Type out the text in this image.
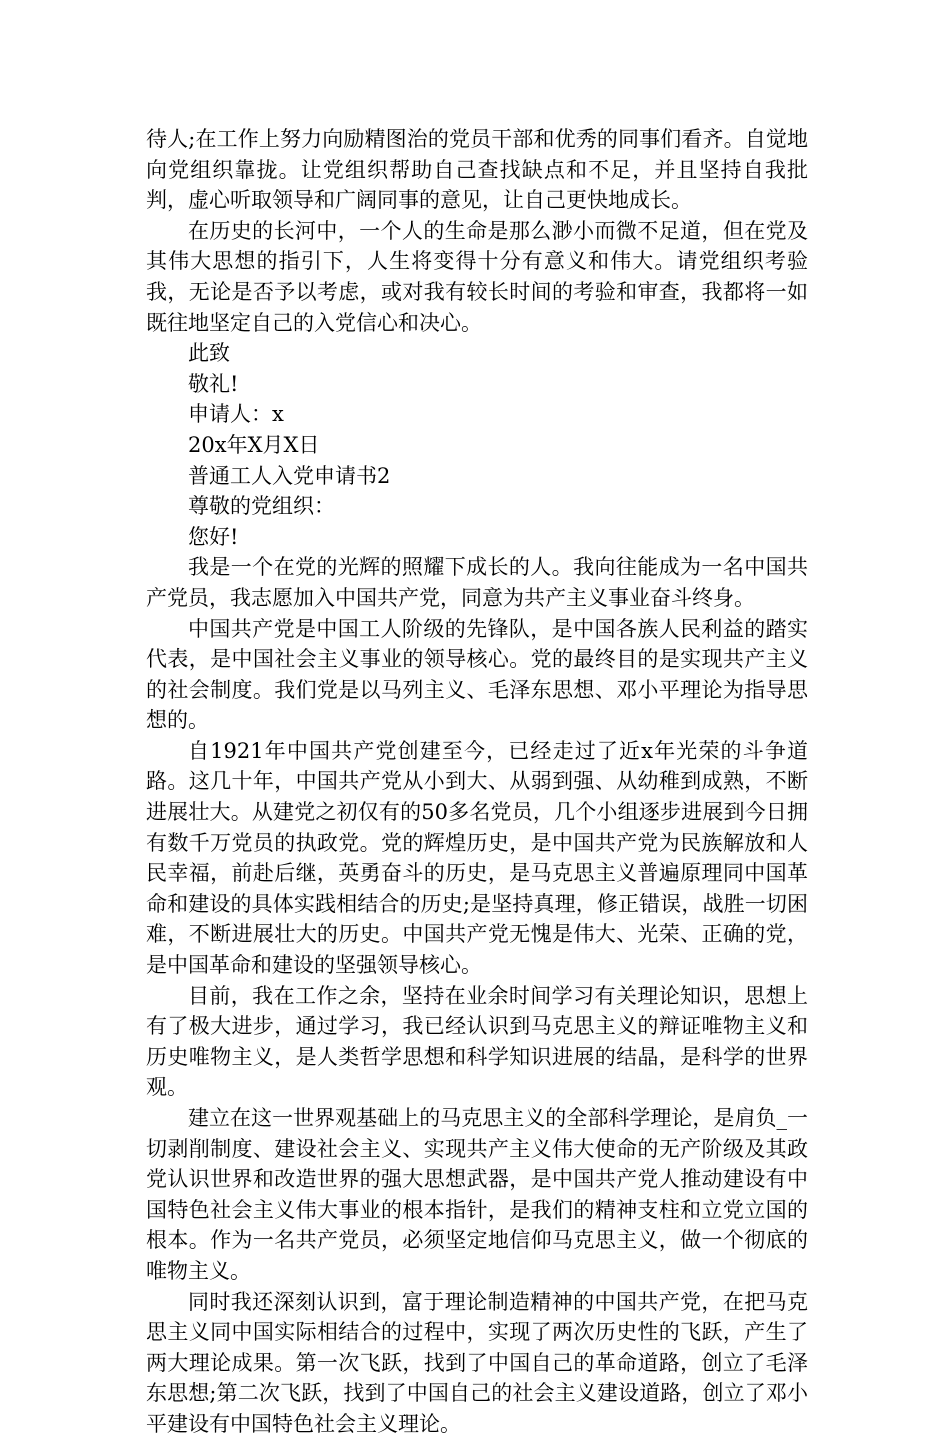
待人;在工作上努力向励精图治的党员干部和优秀的同事们看齐。自觉地向党组织靠拢。让党组织帮助自己查找缺点和不足，并且坚持自我批判，虚心听取领导和广阔同事的意见，让自己更快地成长。

在历史的长河中，一个人的生命是那么渺小而微不足道，但在党及其伟大思想的指引下，人生将变得十分有意义和伟大。请党组织考验我，无论是否予以考虑，或对我有较长时间的考验和审查，我都将一如既往地坚定自己的入党信心和决心。

此致

敬礼!

申请人：x

20x年X月X日

普通工人入党申请书2

尊敬的党组织：

您好!

我是一个在党的光辉的照耀下成长的人。我向往能成为一名中国共产党员，我志愿加入中国共产党，同意为共产主义事业奋斗终身。

中国共产党是中国工人阶级的先锋队，是中国各族人民利益的踏实代表，是中国社会主义事业的领导核心。党的最终目的是实现共产主义的社会制度。我们党是以马列主义、毛泽东思想、邓小平理论为指导思想的。

自1921年中国共产党创建至今，已经走过了近x年光荣的斗争道路。这几十年，中国共产党从小到大、从弱到强、从幼稚到成熟，不断进展壮大。从建党之初仅有的50多名党员，几个小组逐步进展到今日拥有数千万党员的执政党。党的辉煌历史，是中国共产党为民族解放和人民幸福，前赴后继，英勇奋斗的历史，是马克思主义普遍原理同中国革命和建设的具体实践相结合的历史;是坚持真理，修正错误，战胜一切困难，不断进展壮大的历史。中国共产党无愧是伟大、光荣、正确的党，是中国革命和建设的坚强领导核心。

目前，我在工作之余，坚持在业余时间学习有关理论知识，思想上有了极大进步，通过学习，我已经认识到马克思主义的辩证唯物主义和历史唯物主义，是人类哲学思想和科学知识进展的结晶，是科学的世界观。

建立在这一世界观基础上的马克思主义的全部科学理论，是肩负_一切剥削制度、建设社会主义、实现共产主义伟大使命的无产阶级及其政党认识世界和改造世界的强大思想武器，是中国共产党人推动建设有中国特色社会主义伟大事业的根本指针，是我们的精神支柱和立党立国的根本。作为一名共产党员，必须坚定地信仰马克思主义，做一个彻底的唯物主义。

同时我还深刻认识到，富于理论制造精神的中国共产党，在把马克思主义同中国实际相结合的过程中，实现了两次历史性的飞跃，产生了两大理论成果。第一次飞跃，找到了中国自己的革命道路，创立了毛泽东思想;第二次飞跃，找到了中国自己的社会主义建设道路，创立了邓小平建设有中国特色社会主义理论。
